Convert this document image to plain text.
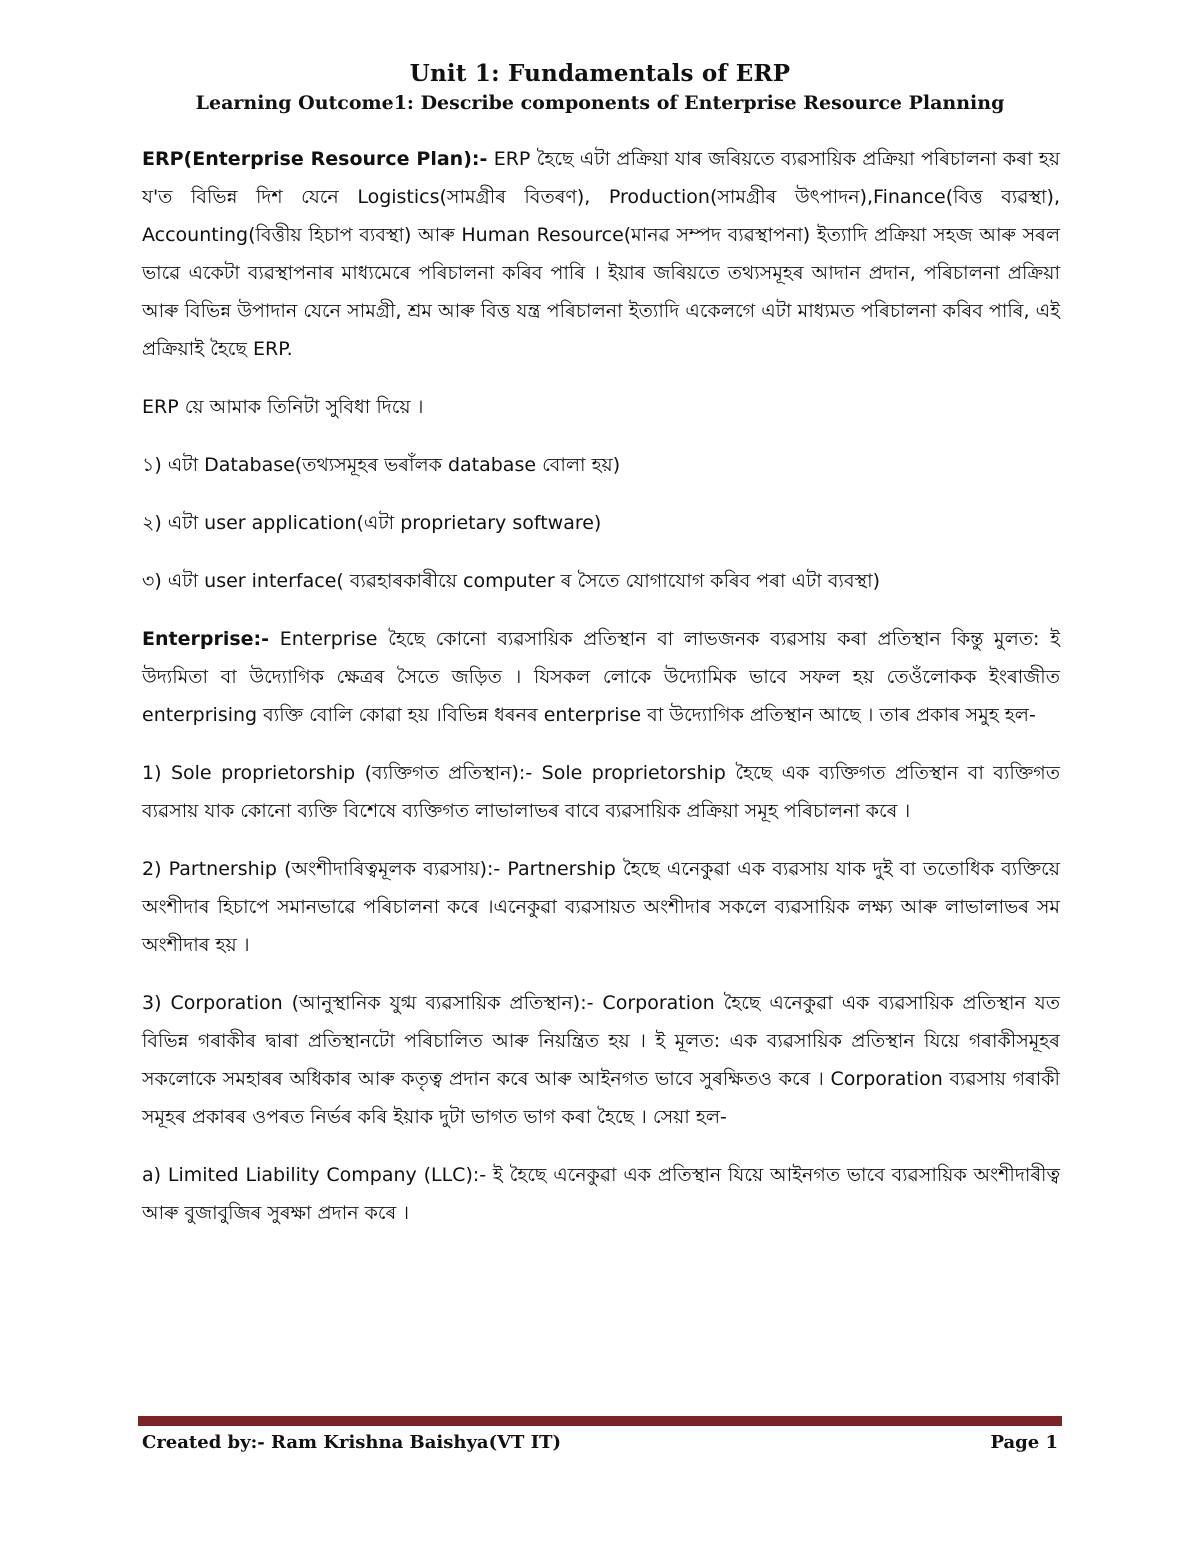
Unit 1: Fundamentals of ERP
Learning Outcome1: Describe components of Enterprise Resource Planning

ERP(Enterprise Resource Plan):- ERP হৈছে এটা প্ৰক্ৰিয়া যাৰ জৰিয়তে ব্যৱসায়িক প্ৰক্ৰিয়া পৰিচালনা কৰা হয় য'ত বিভিন্ন দিশ যেনে Logistics(সামগ্ৰীৰ বিতৰণ), Production(সামগ্ৰীৰ উৎপাদন),Finance(বিত্ত ব্যৱস্থা), Accounting(বিত্তীয় হিচাপ ব্যবস্থা) আৰু Human Resource(মানৱ সম্পদ ব্যৱস্থাপনা) ইত্যাদি প্ৰক্ৰিয়া সহজ আৰু সৰল ভাৱে একেটা ব্যৱস্থাপনাৰ মাধ্যমেৰে পৰিচালনা কৰিব পাৰি । ইয়াৰ জৰিয়তে তথ্যসমূহৰ আদান প্ৰদান, পৰিচালনা প্ৰক্ৰিয়া আৰু বিভিন্ন উপাদান যেনে সামগ্ৰী, শ্ৰম আৰু বিত্ত যন্ত্ৰ পৰিচালনা ইত্যাদি একেলগে এটা মাধ্যমত পৰিচালনা কৰিব পাৰি, এই প্ৰক্ৰিয়াই হৈছে ERP.

ERP য়ে আমাক তিনিটা সুবিধা দিয়ে ।

১) এটা Database(তথ্যসমূহৰ ভৰাঁলক database বোলা হয়)

২) এটা user application(এটা proprietary software)

৩) এটা user interface( ব্যৱহাৰকাৰীয়ে computer ৰ সৈতে যোগাযোগ কৰিব পৰা এটা ব্যবস্থা)

Enterprise:- Enterprise হৈছে কোনো ব্যৱসায়িক প্ৰতিস্থান বা লাভজনক ব্যৱসায় কৰা প্ৰতিস্থান কিন্তু মুলত: ই উদ্যমিতা বা উদ্যোগিক ক্ষেত্ৰৰ সৈতে জড়িত । যিসকল লোকে উদ্যোমিক ভাবে সফল হয় তেওঁলোকক ইংৰাজীত enterprising ব্যক্তি বোলি কোৱা হয় ।বিভিন্ন ধৰনৰ enterprise বা উদ্যোগিক প্ৰতিস্থান আছে । তাৰ প্ৰকাৰ সমুহ হল-

1) Sole proprietorship (ব্যক্তিগত প্ৰতিস্থান):- Sole proprietorship হৈছে এক ব্যক্তিগত প্ৰতিস্থান বা ব্যক্তিগত ব্যৱসায় যাক কোনো ব্যক্তি বিশেষে ব্যক্তিগত লাভালাভৰ বাবে ব্যৱসায়িক প্ৰক্ৰিয়া সমূহ পৰিচালনা কৰে ।

2) Partnership (অংশীদাৰিত্বমূলক ব্যৱসায়):- Partnership হৈছে এনেকুৱা এক ব্যৱসায় যাক দুই বা ততোধিক ব্যক্তিয়ে অংশীদাৰ হিচাপে সমানভাৱে পৰিচালনা কৰে ।এনেকুৱা ব্যৱসায়ত অংশীদাৰ সকলে ব্যৱসায়িক লক্ষ্য আৰু লাভালাভৰ সম অংশীদাৰ হয় ।

3) Corporation (আনুস্থানিক যুগ্ম ব্যৱসায়িক প্ৰতিস্থান):- Corporation হৈছে এনেকুৱা এক ব্যৱসায়িক প্ৰতিস্থান যত বিভিন্ন গৰাকীৰ দ্বাৰা প্ৰতিস্থানটো পৰিচালিত আৰু নিয়ন্ত্ৰিত হয় । ই মূলত: এক ব্যৱসায়িক প্ৰতিস্থান যিয়ে গৰাকীসমূহৰ সকলোকে সমহাৰৰ অধিকাৰ আৰু কতৃত্ব প্ৰদান কৰে আৰু আইনগত ভাবে সুৰক্ষিতও কৰে । Corporation ব্যৱসায় গৰাকী সমূহৰ প্ৰকাৰৰ ওপৰত নিৰ্ভৰ কৰি ইয়াক দুটা ভাগত ভাগ কৰা হৈছে । সেয়া হল-

a) Limited Liability Company (LLC):- ই হৈছে এনেকুৱা এক প্ৰতিস্থান যিয়ে আইনগত ভাবে ব্যৱসায়িক অংশীদাৰীত্ব আৰু বুজাবুজিৰ সুৰক্ষা প্ৰদান কৰে ।

Created by:- Ram Krishna Baishya(VT IT)	Page 1
